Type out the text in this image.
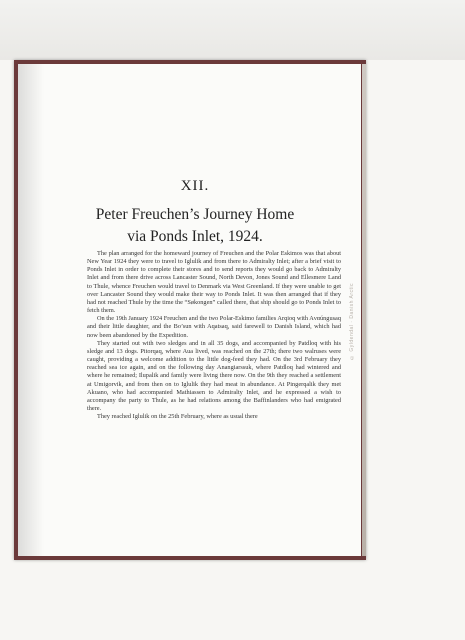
XII.
Peter Freuchen’s Journey Home
via Ponds Inlet, 1924.

The plan arranged for the homeward journey of Freuchen and the Polar Eskimos was that about New Year 1924 they were to travel to Iglulik and from there to Admiralty Inlet; after a brief visit to Ponds Inlet in order to complete their stores and to send reports they would go back to Admiralty Inlet and from there drive across Lancaster Sound, North Devon, Jones Sound and Ellesmere Land to Thule, whence Freuchen would travel to Denmark via West Greenland. If they were unable to get over Lancaster Sound they would make their way to Ponds Inlet. It was then arranged that if they had not reached Thule by the time the “Søkongen” called there, that ship should go to Ponds Inlet to fetch them.

On the 19th January 1924 Freuchen and the two Polar-Eskimo families Arqioq with Aναúngusaq and their little daughter, and the Bo’sun with Aqatsaq, said farewell to Danish Island, which had now been abandoned by the Expedition.

They started out with two sledges and in all 35 dogs, and accompanied by Patdloq with his sledge and 13 dogs. Pitorqaq, where Aua lived, was reached on the 27th; there two walruses were caught, providing a welcome addition to the little dog-feed they had. On the 3rd February they reached sea ice again, and on the following day Anangiarssuk, where Patdloq had wintered and where he remained; Ilupalik and family were living there now. On the 9th they reached a settlement at Umigorvik, and from then on to Iglulik they had meat in abundance. At Pingerqalik they met Akuano, who had accompanied Mathiassen to Admiralty Inlet, and he expressed a wish to accompany the party to Thule, as he had relations among the Baffinlanders who had emigrated there.

They reached Iglulik on the 25th February, where as usual there

© Gyldendal · Danish Arctic
